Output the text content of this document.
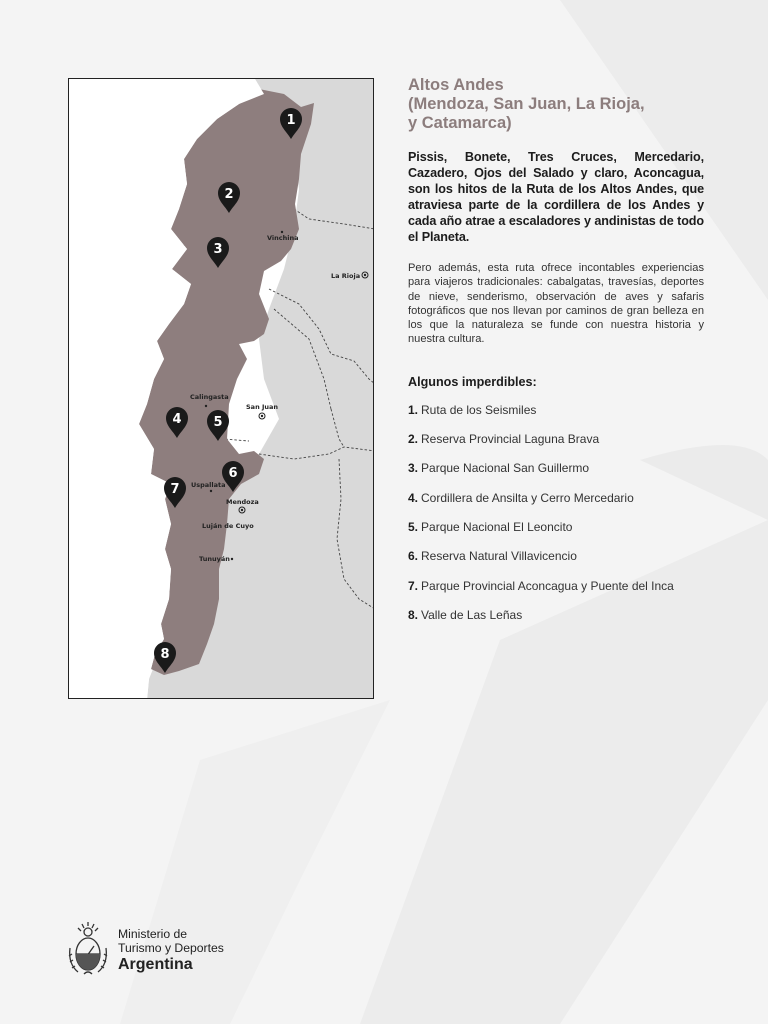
Vinchina
La Rioja
Calingasta
San Juan
Uspallata
Mendoza
Luján de Cuyo
Tunuyán
1
2
3
4 5
6
7
8
Altos Andes
(Mendoza, San Juan, La Rioja,
y Catamarca)

Pissis, Bonete, Tres Cruces, Mercedario, Cazadero, Ojos del Salado y claro, Aconcagua, son los hitos de la Ruta de los Altos Andes, que atraviesa parte de la cordillera de los Andes y cada año atrae a escaladores y andinistas de todo el Planeta.

Pero además, esta ruta ofrece incontables experiencias para viajeros tradicionales: cabalgatas, travesías, deportes de nieve, senderismo, observación de aves y safaris fotográficos que nos llevan por caminos de gran belleza en los que la naturaleza se funde con nuestra historia y nuestra cultura.

Algunos imperdibles:
1. Ruta de los Seismiles
2. Reserva Provincial Laguna Brava
3. Parque Nacional San Guillermo
4. Cordillera de Ansilta y Cerro Mercedario
5. Parque Nacional El Leoncito
6. Reserva Natural Villavicencio
7. Parque Provincial Aconcagua y Puente del Inca
8. Valle de Las Leñas
Ministerio de
Turismo y Deportes
Argentina
